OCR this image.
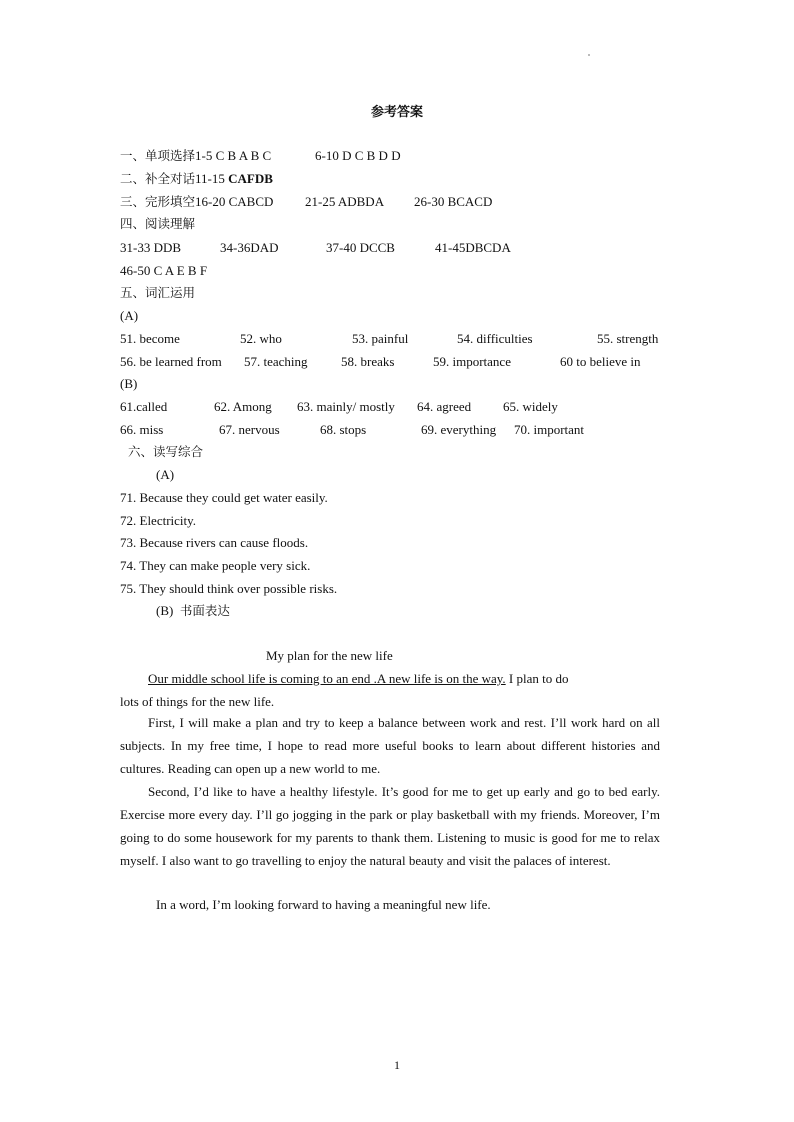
参考答案
一、单项选择1-5 C B A B C	6-10 D C B D D
二、补全对话11-15 CAFDB
三、完形填空16-20 CABCD 21-25 ADBDA 26-30 BCACD
四、阅读理解
31-33 DDB	34-36DAD	37-40 DCCB	41-45DBCDA
46-50 C A E B F
五、词汇运用
(A)
51. become	52. who	53. painful	54. difficulties	55. strength
56. be learned from 57. teaching	58. breaks	59. importance	60 to believe in
(B)
61.called	62. Among 63. mainly/ mostly 64. agreed 65. widely
66. miss	67. nervous	68. stops	69. everything 70. important
六、读写综合
(A)
71. Because they could get water easily.
72. Electricity.
73. Because rivers can cause floods.
74. They can make people very sick.
75. They should think over possible risks.
(B) 书面表达
My plan for the new life
Our middle school life is coming to an end .A new life is on the way. I plan to do
lots of things for the new life.
First, I will make a plan and try to keep a balance between work and rest. I’ll work hard on all subjects. In my free time, I hope to read more useful books to learn about different histories and cultures. Reading can open up a new world to me.
Second, I’d like to have a healthy lifestyle. It’s good for me to get up early and go to bed early. Exercise more every day. I’ll go jogging in the park or play basketball with my friends. Moreover, I’m going to do some housework for my parents to thank them. Listening to music is good for me to relax myself. I also want to go travelling to enjoy the natural beauty and visit the palaces of interest.
In a word, I’m looking forward to having a meaningful new life.
1
